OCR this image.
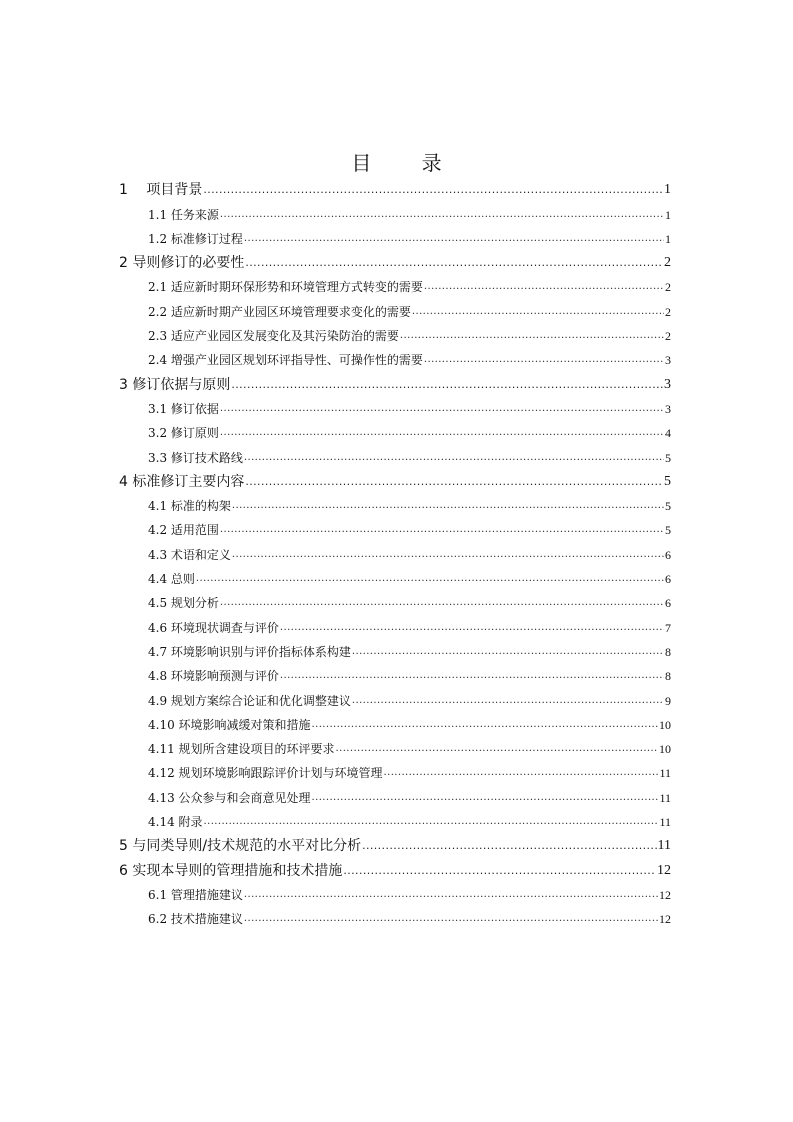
目 录
1　 项目背景 .....	1
1.1 任务来源 .....	1
1.2 标准修订过程 .....	1
2 导则修订的必要性 .....	2
2.1 适应新时期环保形势和环境管理方式转变的需要 .....	2
2.2 适应新时期产业园区环境管理要求变化的需要 .....	2
2.3 适应产业园区发展变化及其污染防治的需要 .....	2
2.4 增强产业园区规划环评指导性、可操作性的需要 .....	3
3 修订依据与原则 .....	3
3.1 修订依据 .....	3
3.2 修订原则 .....	4
3.3 修订技术路线 .....	5
4 标准修订主要内容 .....	5
4.1 标准的构架 .....	5
4.2 适用范围 .....	5
4.3 术语和定义 .....	6
4.4 总则 .....	6
4.5 规划分析 .....	6
4.6 环境现状调查与评价 .....	7
4.7 环境影响识别与评价指标体系构建 .....	8
4.8 环境影响预测与评价 .....	8
4.9 规划方案综合论证和优化调整建议 .....	9
4.10 环境影响减缓对策和措施 .....	10
4.11 规划所含建设项目的环评要求 .....	10
4.12 规划环境影响跟踪评价计划与环境管理 .....	11
4.13 公众参与和会商意见处理 .....	11
4.14 附录 .....	11
5 与同类导则/技术规范的水平对比分析 .....	11
6 实现本导则的管理措施和技术措施 .....	12
6.1 管理措施建议 .....	12
6.2 技术措施建议 .....	12
